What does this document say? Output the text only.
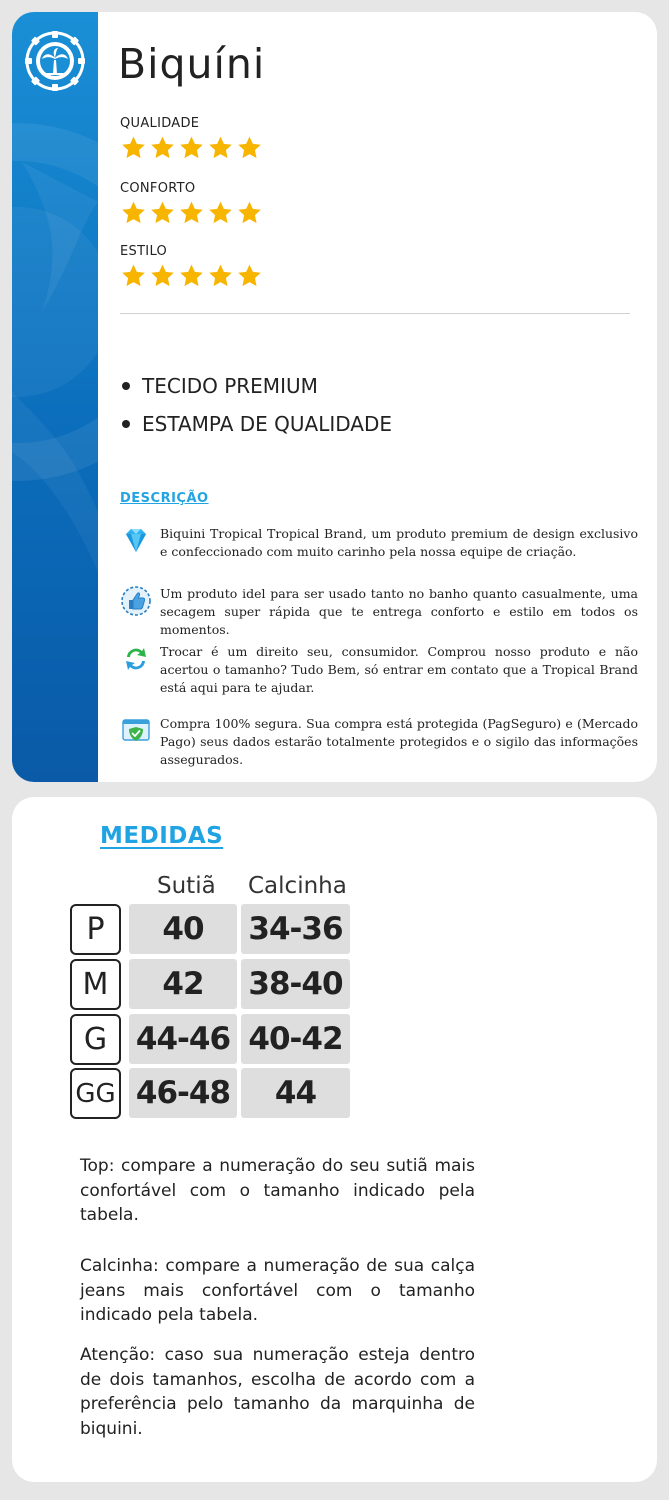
Biquíni
QUALIDADE
CONFORTO
ESTILO
TECIDO PREMIUM
ESTAMPA DE QUALIDADE
DESCRIÇÃO
Biquini Tropical Tropical Brand, um produto premium de design exclusivo e confeccionado com muito carinho pela nossa equipe de criação.
Um produto idel para ser usado tanto no banho quanto casualmente, uma secagem super rápida que te entrega conforto e estilo em todos os momentos.
Trocar é um direito seu, consumidor. Comprou nosso produto e não acertou o tamanho? Tudo Bem, só entrar em contato que a Tropical Brand está aqui para te ajudar.
Compra 100% segura. Sua compra está protegida (PagSeguro) e (Mercado Pago) seus dados estarão totalmente protegidos e o sigilo das informações assegurados.
MEDIDAS
Sutiã Calcinha
P	40	34-36
M	42	38-40
G 44-46 40-42
GG 46-48	44

Top: compare a numeração do seu sutiã mais confortável com o tamanho indicado pela tabela.

Calcinha: compare a numeração de sua calça jeans mais confortável com o tamanho indicado pela tabela.

Atenção: caso sua numeração esteja dentro de dois tamanhos, escolha de acordo com a preferência pelo tamanho da marquinha de biquini.
